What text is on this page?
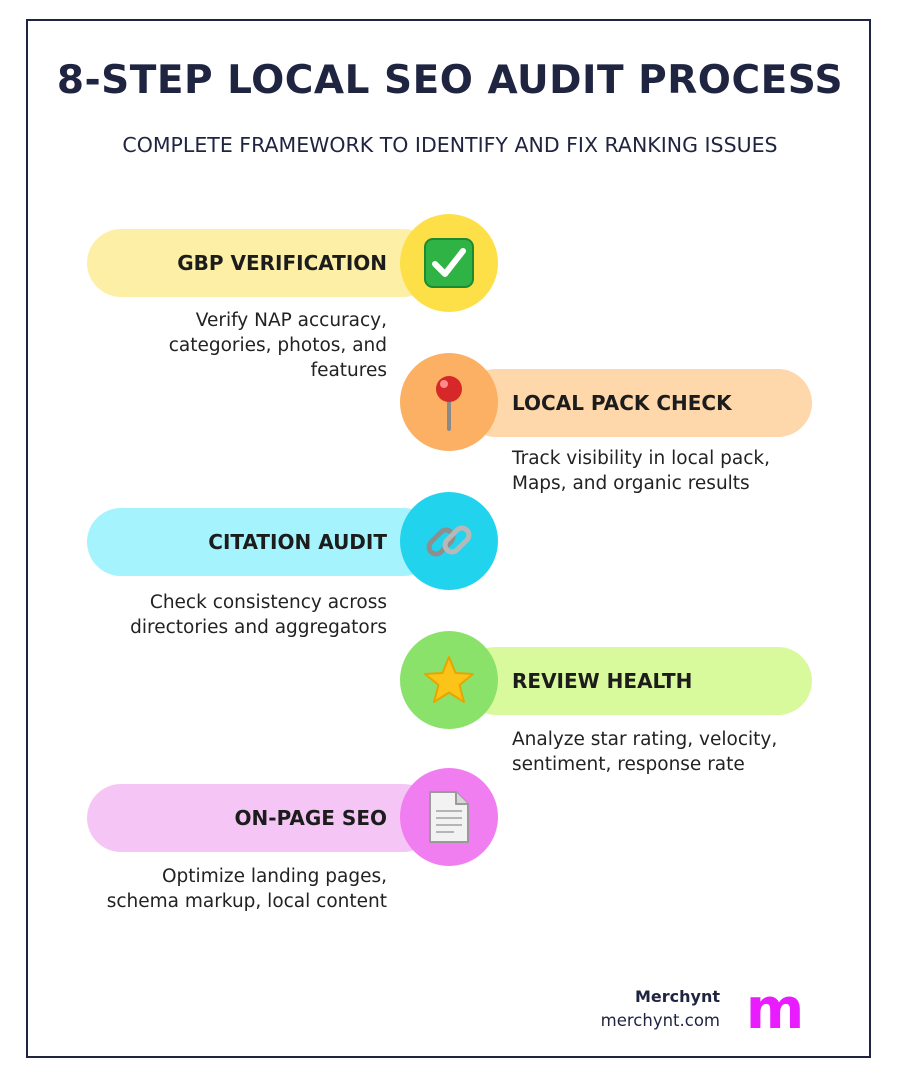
8-STEP LOCAL SEO AUDIT PROCESS
COMPLETE FRAMEWORK TO IDENTIFY AND FIX RANKING ISSUES
GBP VERIFICATION

Verify NAP accuracy,
categories, photos, and
features

LOCAL PACK CHECK

Track visibility in local pack,
Maps, and organic results

CITATION AUDIT

Check consistency across
directories and aggregators

REVIEW HEALTH

Analyze star rating, velocity,
sentiment, response rate

ON-PAGE SEO

Optimize landing pages,
schema markup, local content

Merchynt
merchynt.com m
